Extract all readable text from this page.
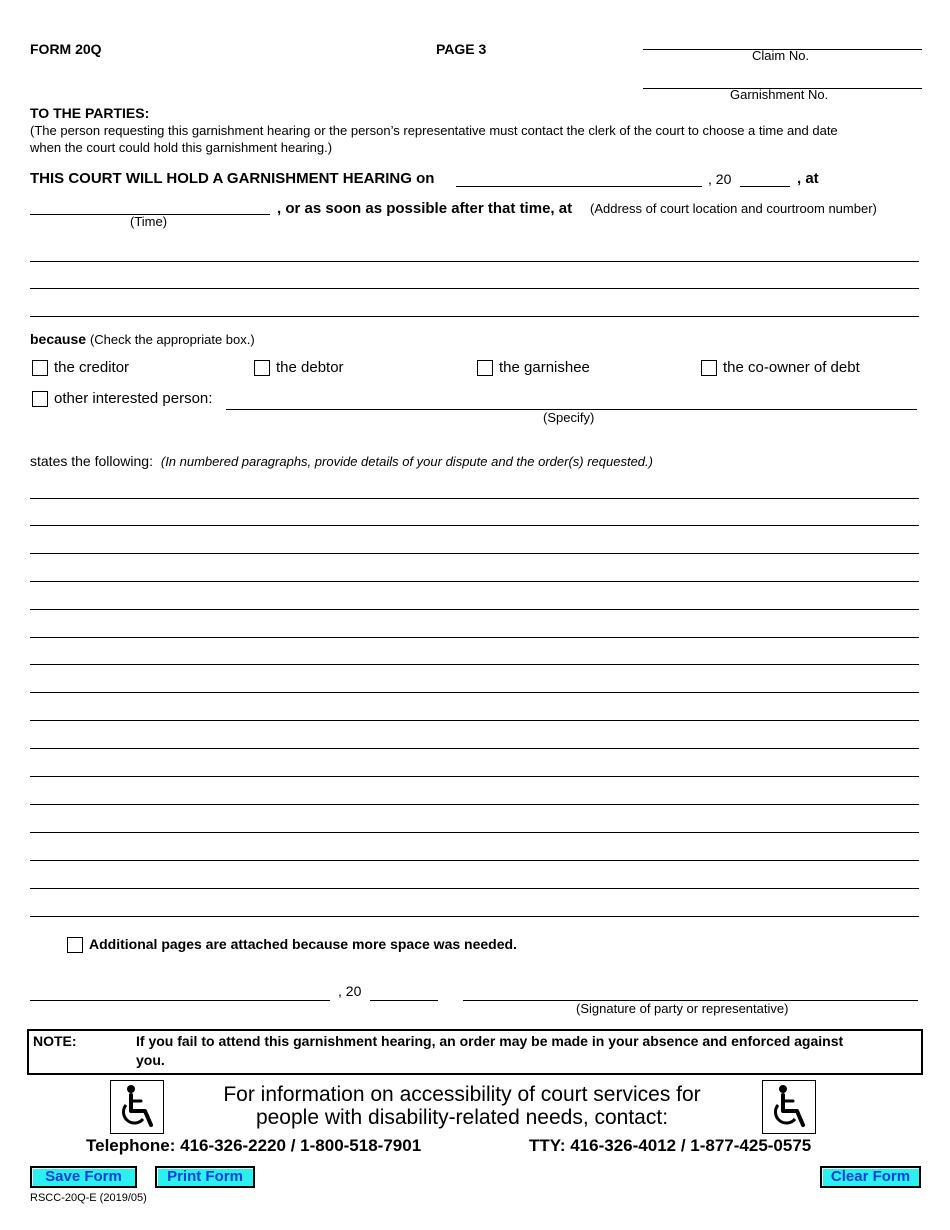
FORM 20Q	PAGE 3	Claim No.
Garnishment No.
TO THE PARTIES:
(The person requesting this garnishment hearing or the person’s representative must contact the clerk of the court to choose a time and date
when the court could hold this garnishment hearing.)
THIS COURT WILL HOLD A GARNISHMENT HEARING on	, 20	, at
(Time)
, or as soon as possible after that time, at (Address of court location and courtroom number)
because (Check the appropriate box.)
the creditor	the debtor	the garnishee	the co-owner of debt
other interested person:
(Specify)
states the following: (In numbered paragraphs, provide details of your dispute and the order(s) requested.)
Additional pages are attached because more space was needed.
, 20
(Signature of party or representative)
NOTE:	If you fail to attend this garnishment hearing, an order may be made in your absence and enforced against
you.
For information on accessibility of court services for
people with disability-related needs, contact:
Telephone: 416-326-2220 / 1-800-518-7901	TTY: 416-326-4012 / 1-877-425-0575
Save Form	Print Form	Clear Form
RSCC-20Q-E (2019/05)
